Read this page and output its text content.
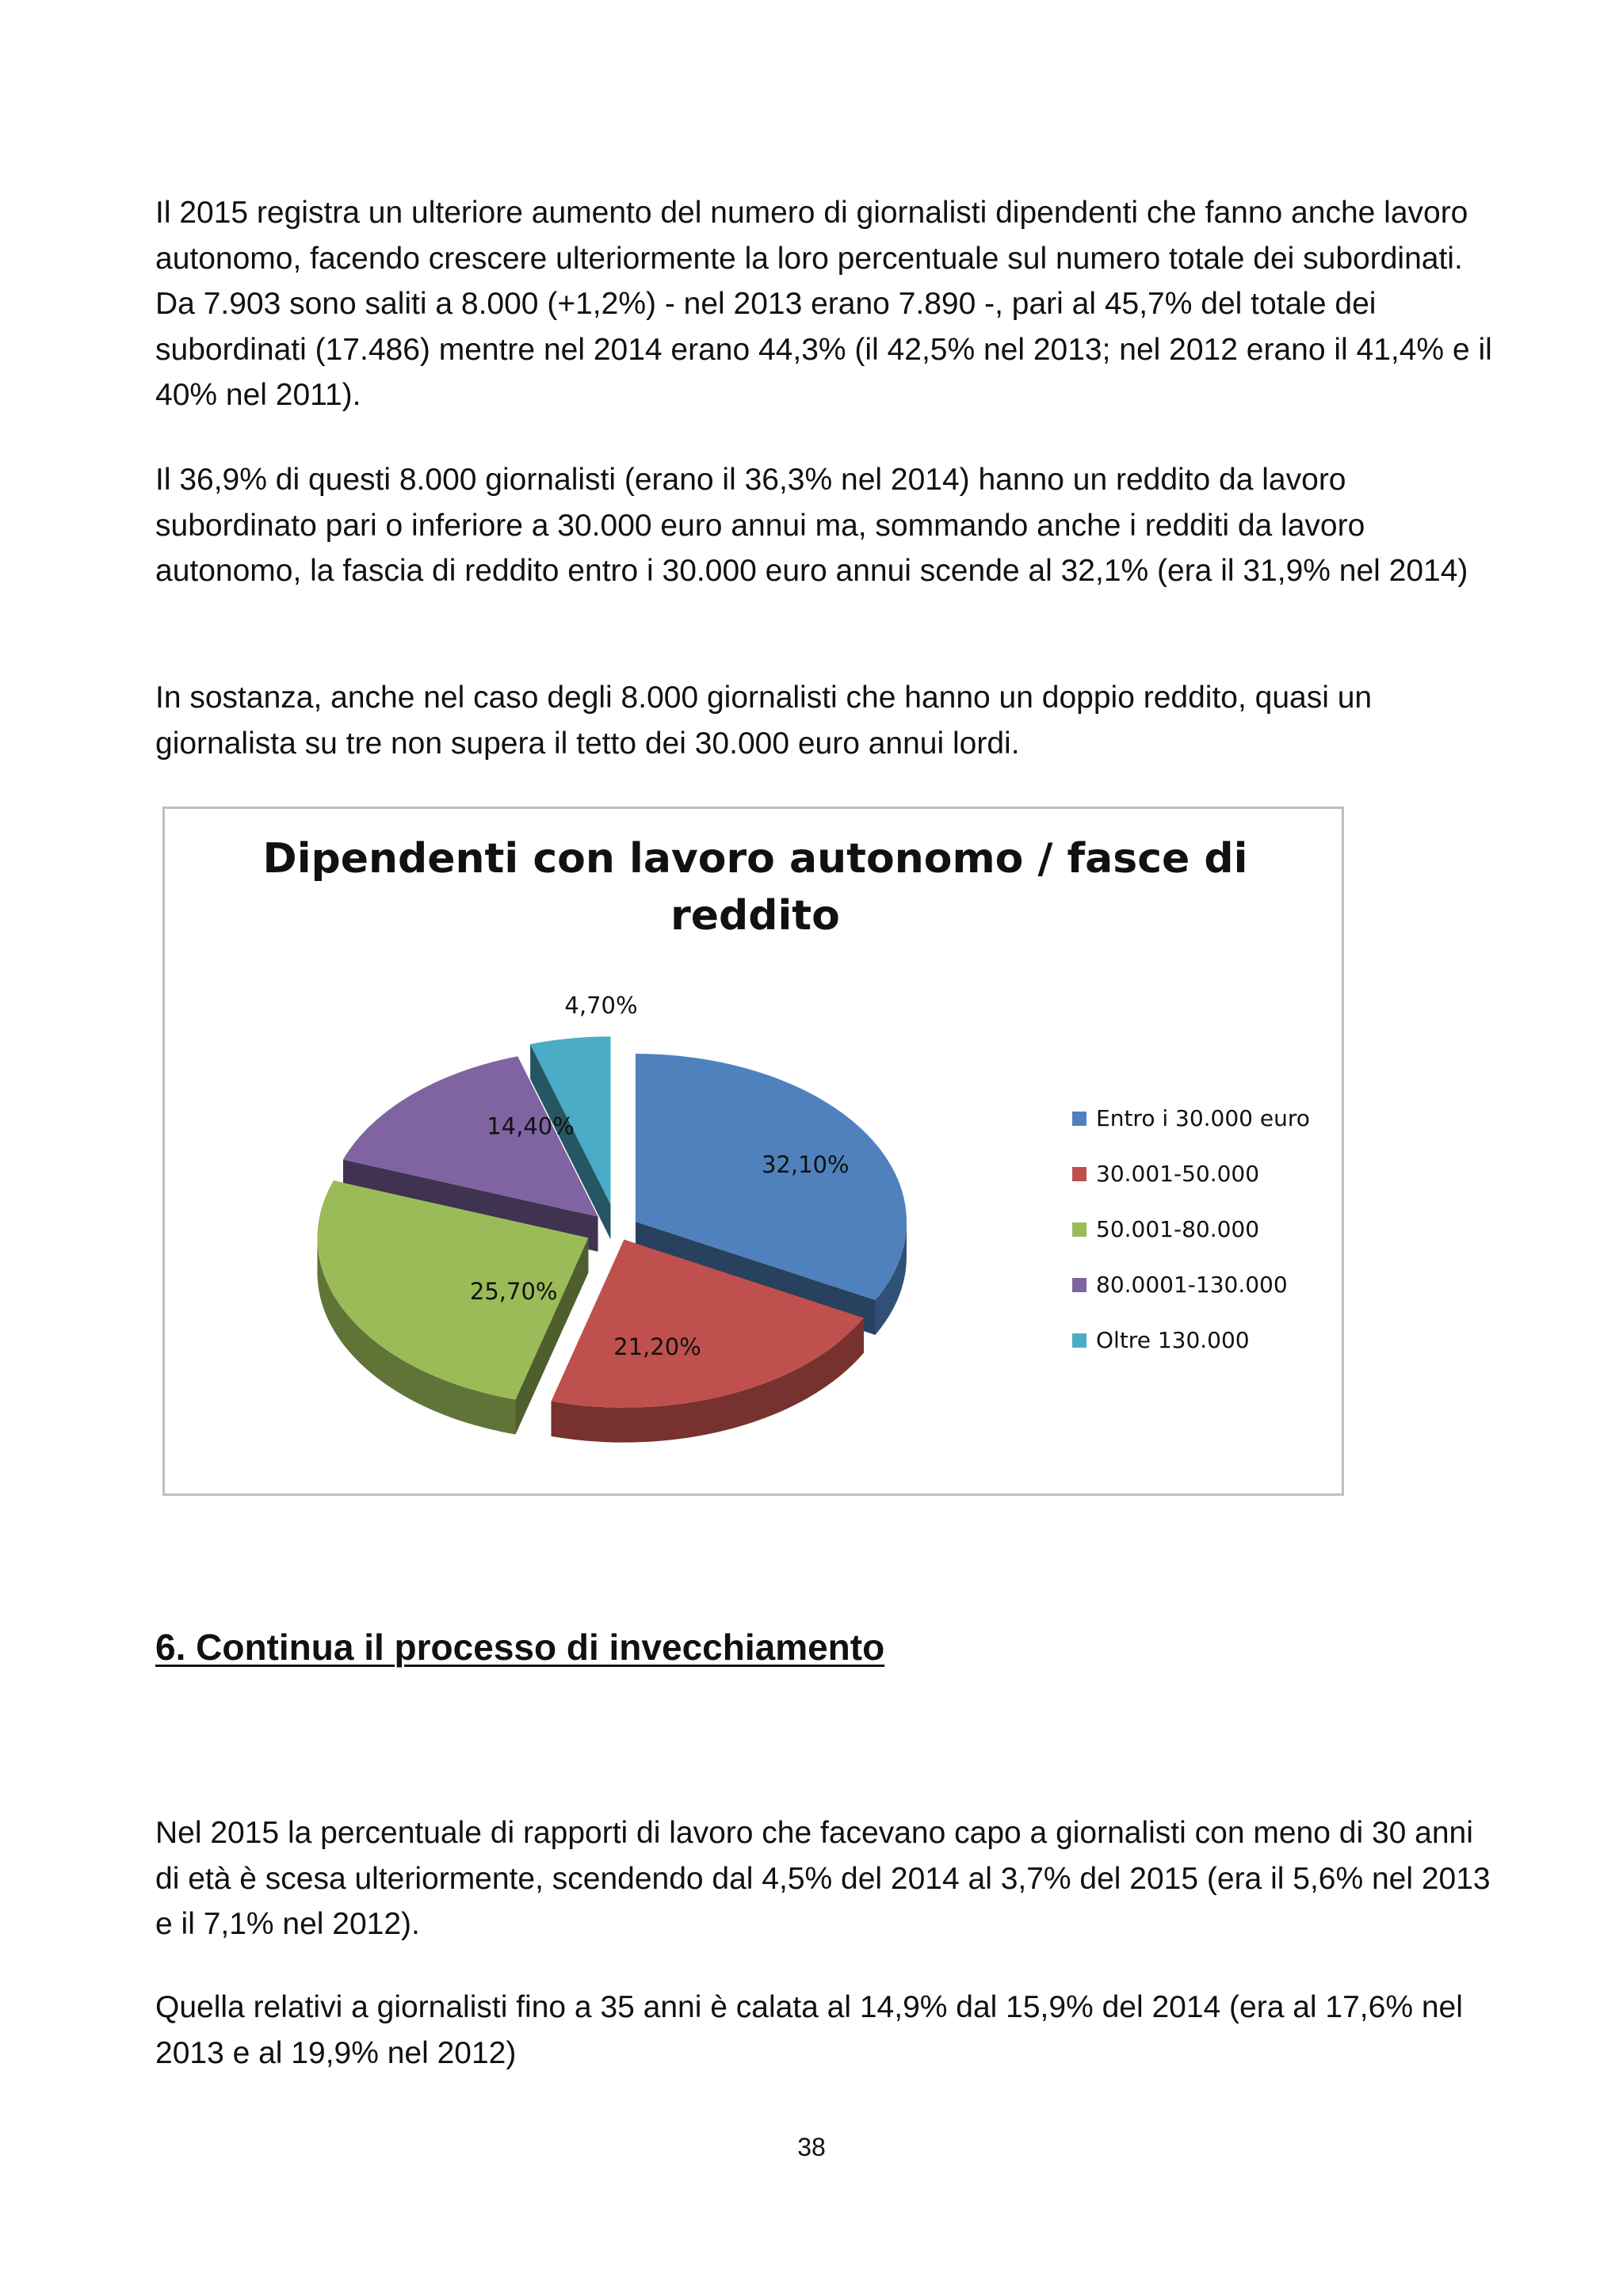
Il 2015 registra un ulteriore aumento del numero di giornalisti dipendenti che fanno anche lavoro autonomo, facendo crescere ulteriormente la loro percentuale sul numero totale dei subordinati. Da 7.903 sono saliti a 8.000 (+1,2%) - nel 2013 erano 7.890 -, pari al 45,7% del totale dei subordinati (17.486) mentre nel 2014 erano 44,3% (il 42,5% nel 2013; nel 2012 erano il 41,4% e il 40% nel 2011).

Il 36,9% di questi 8.000 giornalisti (erano il 36,3% nel 2014) hanno un reddito da lavoro subordinato pari o inferiore a 30.000 euro annui ma, sommando anche i redditi da lavoro autonomo, la fascia di reddito entro i 30.000 euro annui scende al 32,1% (era il 31,9% nel 2014)

In sostanza, anche nel caso degli 8.000 giornalisti che hanno un doppio reddito, quasi un giornalista su tre non supera il tetto dei 30.000 euro annui lordi.

Dipendenti con lavoro autonomo / fasce di
reddito
32,10%
21,20%
25,70%
14,40%
4,70%
Entro i 30.000 euro
30.001-50.000
50.001-80.000
80.0001-130.000
Oltre 130.000

6. Continua il processo di invecchiamento

Nel 2015 la percentuale di rapporti di lavoro che facevano capo a giornalisti con meno di 30 anni di età è scesa ulteriormente, scendendo dal 4,5% del 2014 al 3,7% del 2015 (era il 5,6% nel 2013 e il 7,1% nel 2012).

Quella relativi a giornalisti fino a 35 anni è calata al 14,9% dal 15,9% del 2014 (era al 17,6% nel 2013 e al 19,9% nel 2012)

38
